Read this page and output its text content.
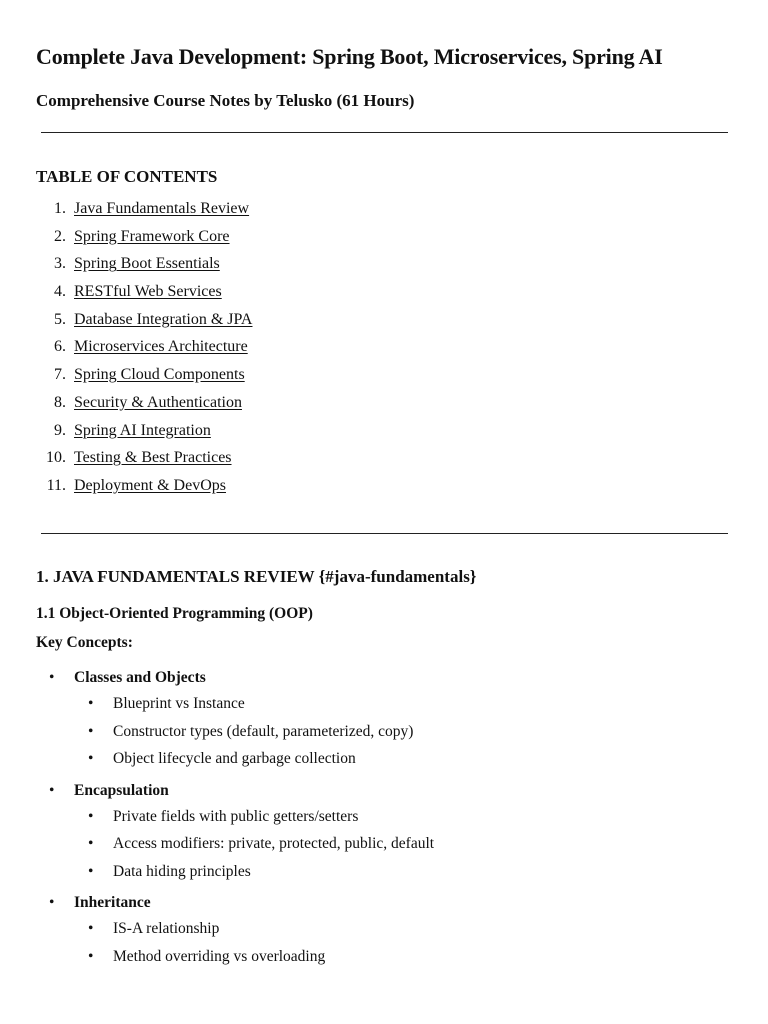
Complete Java Development: Spring Boot, Microservices, Spring AI
Comprehensive Course Notes by Telusko (61 Hours)
TABLE OF CONTENTS
1. Java Fundamentals Review
2. Spring Framework Core
3. Spring Boot Essentials
4. RESTful Web Services
5. Database Integration & JPA
6. Microservices Architecture
7. Spring Cloud Components
8. Security & Authentication
9. Spring AI Integration
10. Testing & Best Practices
11. Deployment & DevOps
1. JAVA FUNDAMENTALS REVIEW {#java-fundamentals}
1.1 Object-Oriented Programming (OOP)

Key Concepts:

• Classes and Objects
• Blueprint vs Instance
• Constructor types (default, parameterized, copy)
• Object lifecycle and garbage collection
• Encapsulation
• Private fields with public getters/setters
• Access modifiers: private, protected, public, default
• Data hiding principles
• Inheritance
• IS-A relationship
• Method overriding vs overloading
